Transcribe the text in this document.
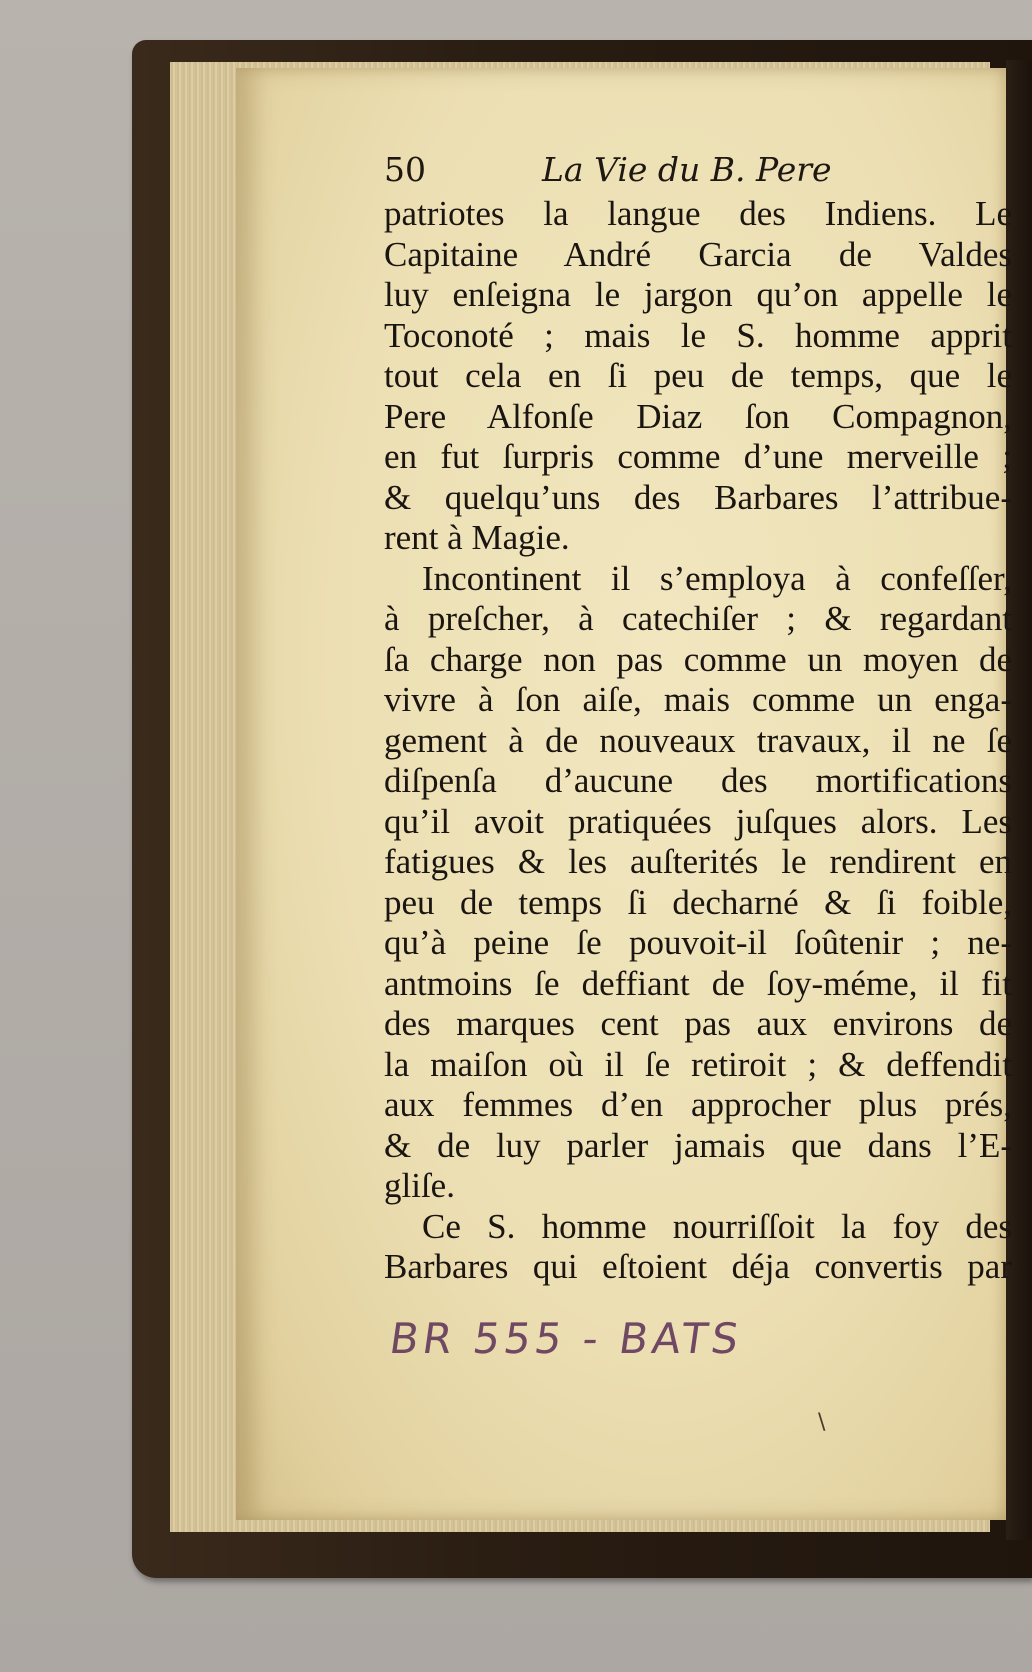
50	La Vie du B. Pere
patriotes la langue des Indiens. Le
Capitaine André Garcia de Valdes
luy enſeigna le jargon qu’on appelle le
Toconoté ; mais le S. homme apprit
tout cela en ſi peu de temps, que le
Pere Alfonſe Diaz ſon Compagnon,
en fut ſurpris comme d’une merveille ;
& quelqu’uns des Barbares l’attribue-
rent à Magie.
Incontinent il s’employa à confeſſer,
à preſcher, à catechiſer ; & regardant
ſa charge non pas comme un moyen de
vivre à ſon aiſe, mais comme un enga-
gement à de nouveaux travaux, il ne ſe
diſpenſa d’aucune des mortifications
qu’il avoit pratiquées juſques alors. Les
fatigues & les auſterités le rendirent en
peu de temps ſi decharné & ſi foible,
qu’à peine ſe pouvoit-il ſoûtenir ; ne-
antmoins ſe deffiant de ſoy-méme, il fit
des marques cent pas aux environs de
la maiſon où il ſe retiroit ; & deffendit
aux femmes d’en approcher plus prés,
& de luy parler jamais que dans l’E-
gliſe.
Ce S. homme nourriſſoit la foy des
Barbares qui eſtoient déja convertis par
BR 555 - BATS
\
